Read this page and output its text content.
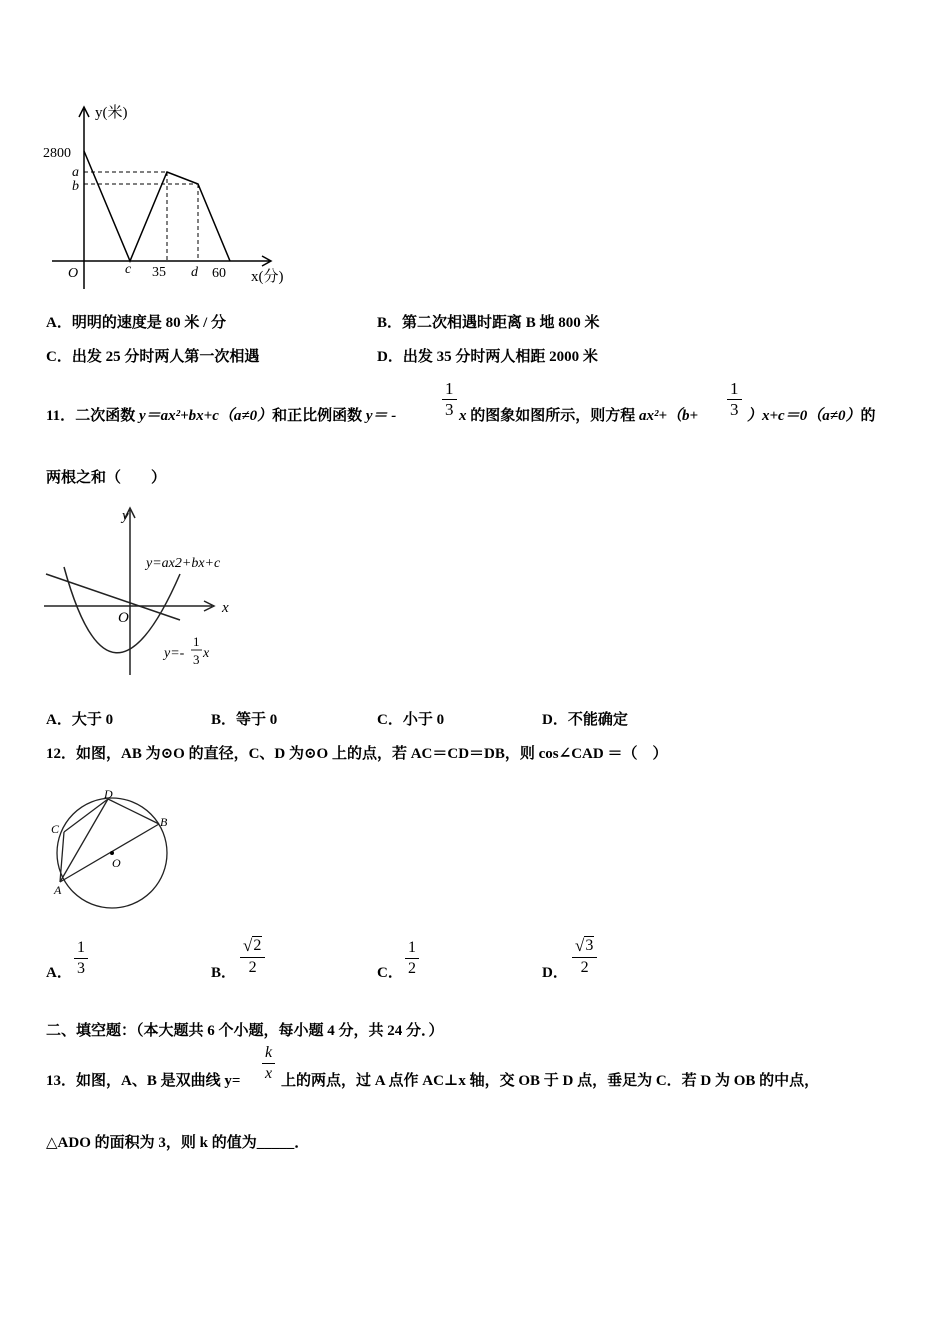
y(米)
2800
a
b
O	c 35 d 60 x(分)
A．明明的速度是 80 米 / 分	B．第二次相遇时距离 B 地 800 米
C．出发 25 分时两人第一次相遇	D．出发 35 分时两人相距 2000 米
11．二次函数 y＝ax²+bx+c（a≠0）和正比例函数 y＝ -
1
3 x 的图象如图所示，则方程 ax²+（b+
1
3 ）x+c＝0（a≠0）的
两根之和（　　）
y
x
O
y=ax2+bx+c
y=-
1
3 x
A．大于 0	B．等于 0	C．小于 0	D．不能确定
12．如图，AB 为⊙O 的直径，C、D 为⊙O 上的点，若 AC＝CD＝DB，则 cos∠CAD ＝（　）
A
B
C
D
O
A．
1
3	B．
√ 2
2	C．
1
2	D．
√ 3
2
二、填空题：（本大题共 6 个小题，每小题 4 分，共 24 分．）
13．如图，A、B 是双曲线 y=
k
x 上的两点，过 A 点作 AC⊥x 轴，交 OB 于 D 点，垂足为 C．若 D 为 OB 的中点，
△ADO 的面积为 3，则 k 的值为_____．
